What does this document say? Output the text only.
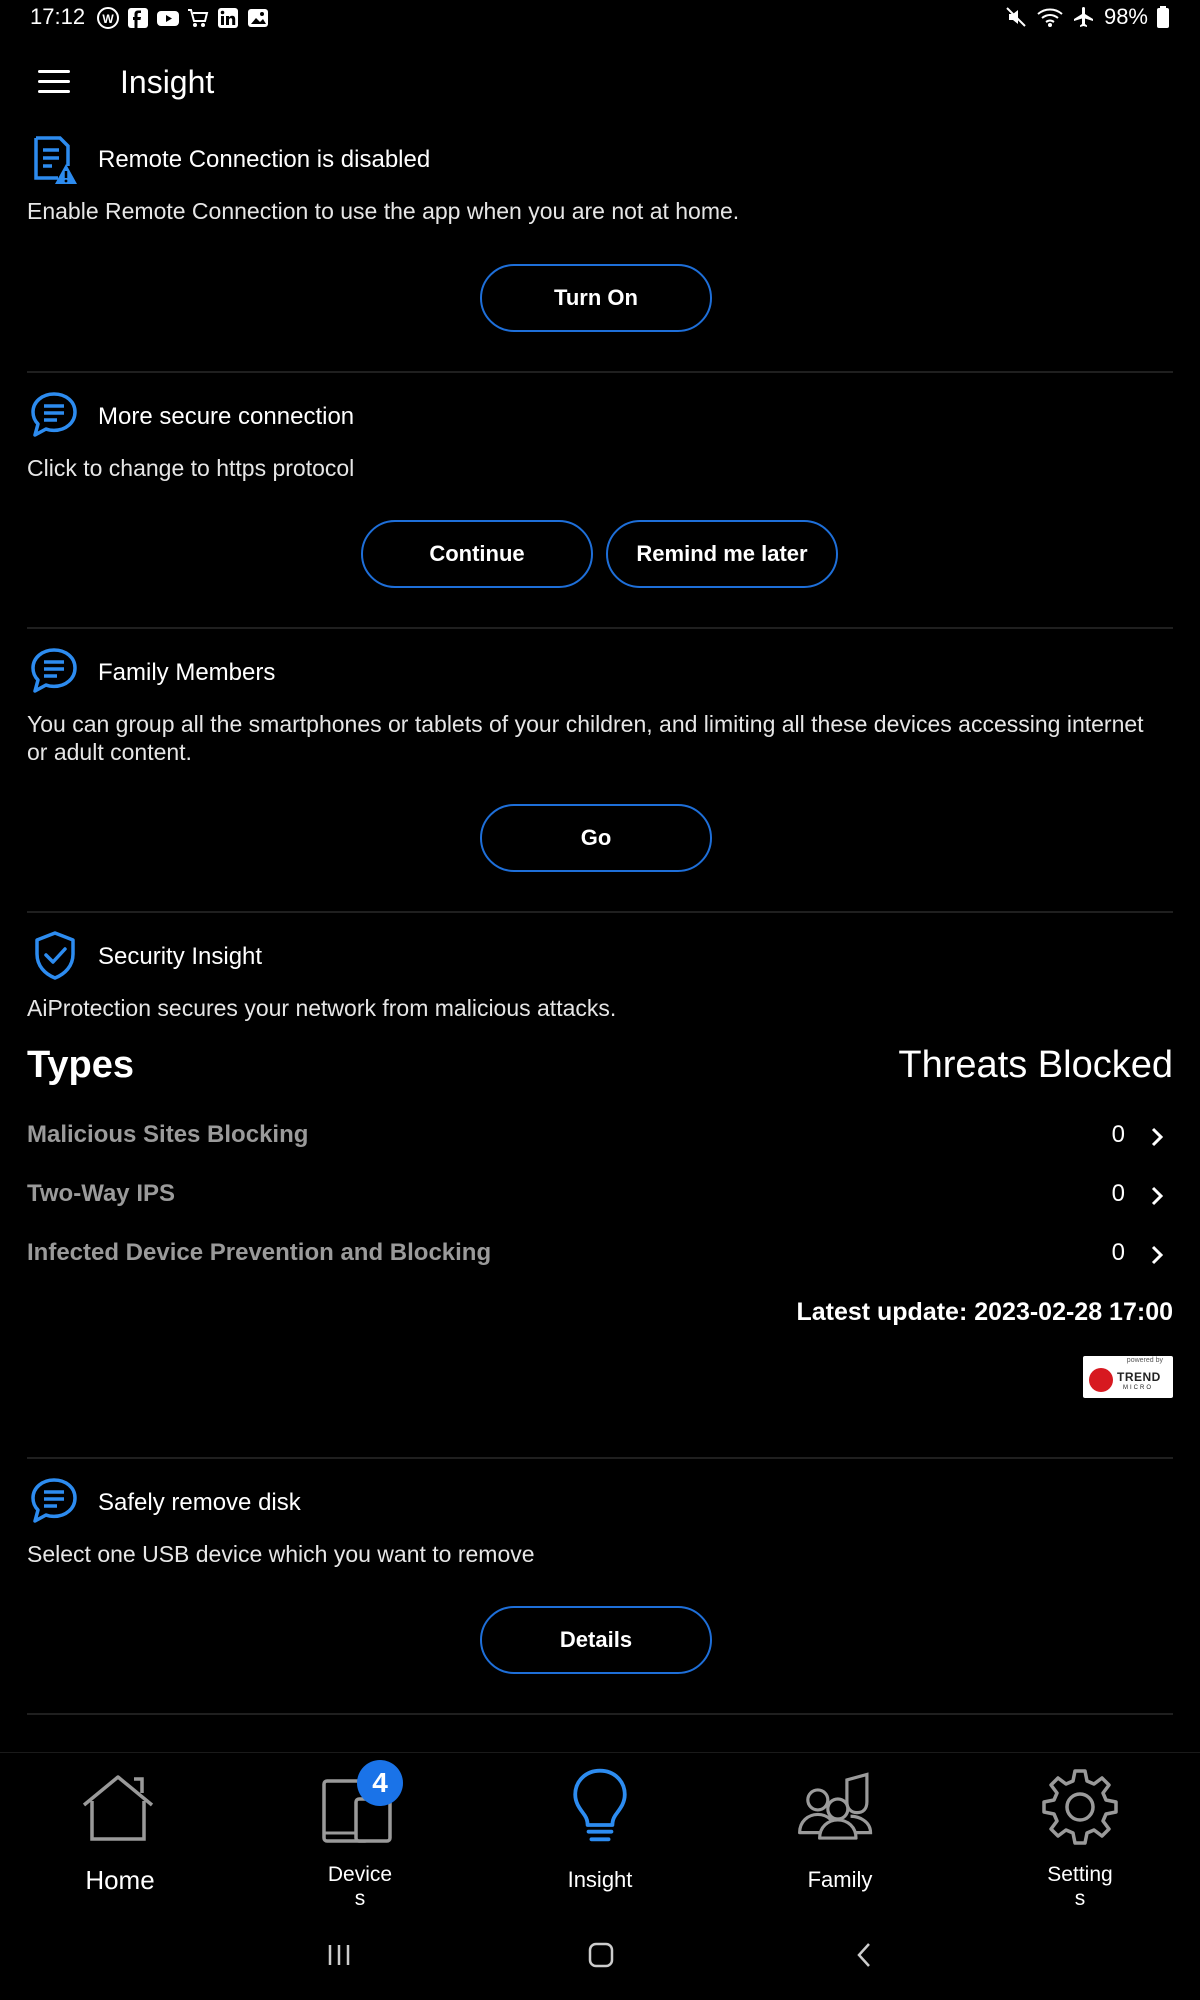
17:12 W	98%
Insight
Remote Connection is disabled
Enable Remote Connection to use the app when you are not at home.
Turn On
More secure connection
Click to change to https protocol
Continue	Remind me later
Family Members
You can group all the smartphones or tablets of your children, and limiting all these devices accessing internet or adult content.
Go
Security Insight
AiProtection secures your network from malicious attacks.
Types	Threats Blocked
Malicious Sites Blocking	0
Two-Way IPS	0
Infected Device Prevention and Blocking	0
Latest update: 2023-02-28 17:00
powered by
TREND
MICRO
Safely remove disk
Select one USB device which you want to remove
Details
Home	Device
s
Insight	Family	Setting
s
4
